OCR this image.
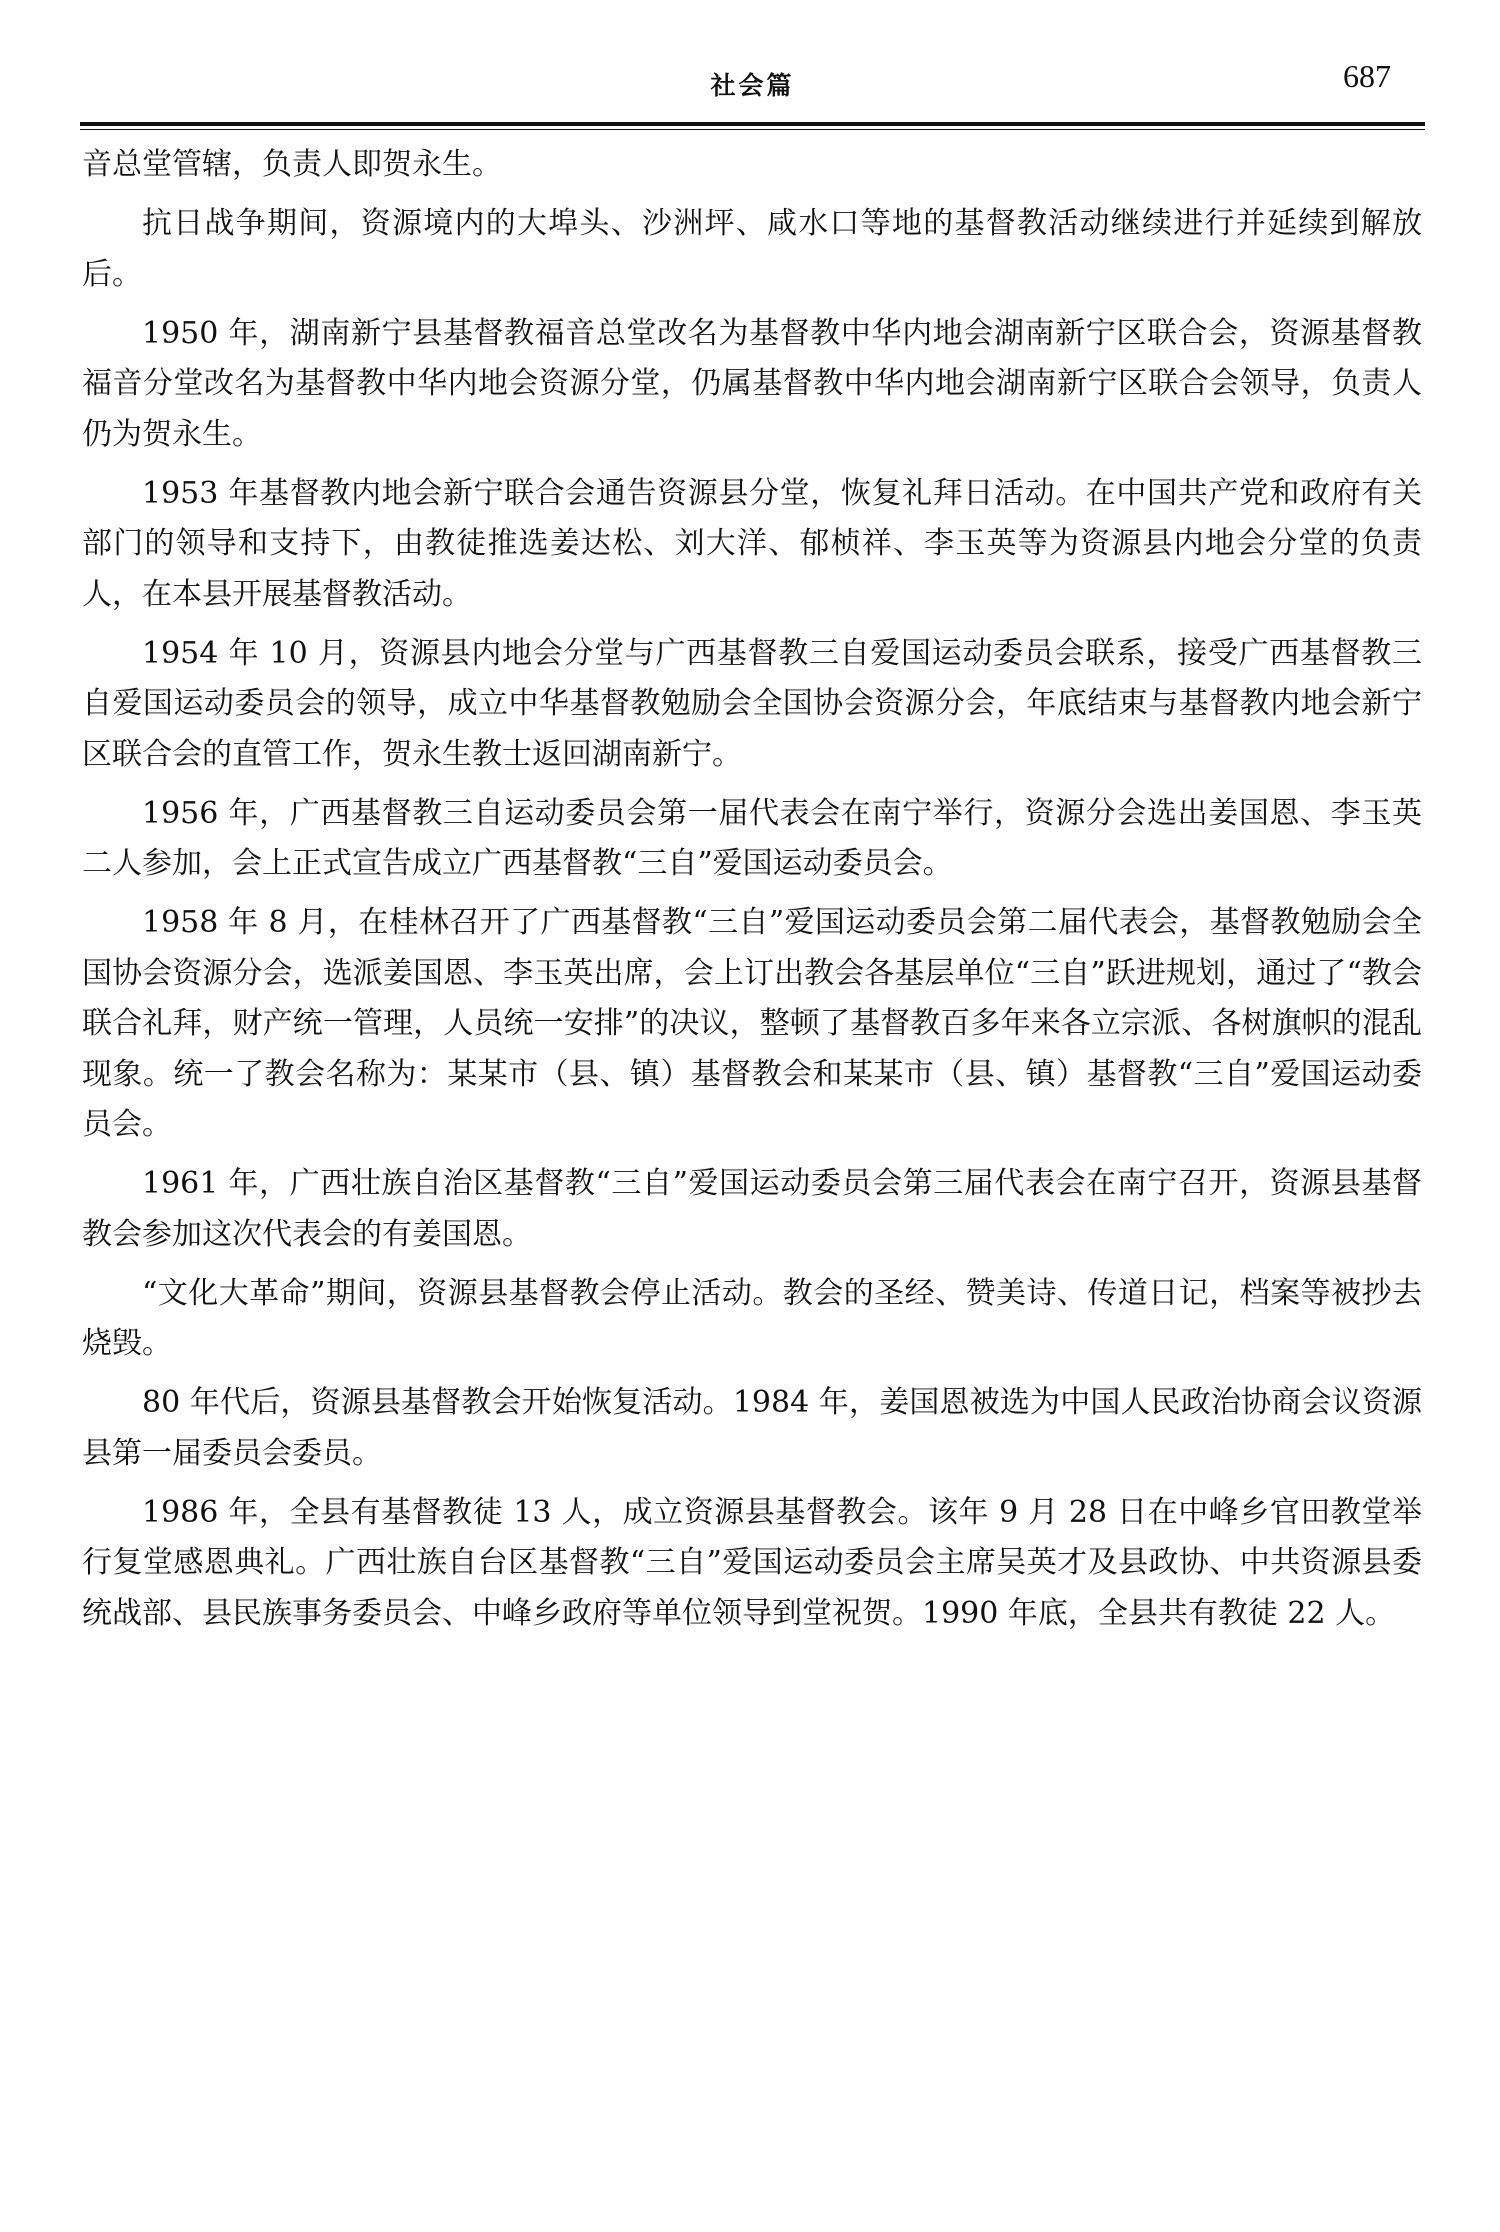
社会篇	687

音总堂管辖，负责人即贺永生。

抗日战争期间，资源境内的大埠头、沙洲坪、咸水口等地的基督教活动继续进行并延续到解放后。

1950 年，湖南新宁县基督教福音总堂改名为基督教中华内地会湖南新宁区联合会，资源基督教福音分堂改名为基督教中华内地会资源分堂，仍属基督教中华内地会湖南新宁区联合会领导，负责人仍为贺永生。

1953 年基督教内地会新宁联合会通告资源县分堂，恢复礼拜日活动。在中国共产党和政府有关部门的领导和支持下，由教徒推选姜达松、刘大洋、郁桢祥、李玉英等为资源县内地会分堂的负责人，在本县开展基督教活动。

1954 年 10 月，资源县内地会分堂与广西基督教三自爱国运动委员会联系，接受广西基督教三自爱国运动委员会的领导，成立中华基督教勉励会全国协会资源分会，年底结束与基督教内地会新宁区联合会的直管工作，贺永生教士返回湖南新宁。

1956 年，广西基督教三自运动委员会第一届代表会在南宁举行，资源分会选出姜国恩、李玉英二人参加，会上正式宣告成立广西基督教“三自”爱国运动委员会。

1958 年 8 月，在桂林召开了广西基督教“三自”爱国运动委员会第二届代表会，基督教勉励会全国协会资源分会，选派姜国恩、李玉英出席，会上订出教会各基层单位“三自”跃进规划，通过了“教会联合礼拜，财产统一管理，人员统一安排”的决议，整顿了基督教百多年来各立宗派、各树旗帜的混乱现象。统一了教会名称为：某某市（县、镇）基督教会和某某市（县、镇）基督教“三自”爱国运动委员会。

1961 年，广西壮族自治区基督教“三自”爱国运动委员会第三届代表会在南宁召开，资源县基督教会参加这次代表会的有姜国恩。

“文化大革命”期间，资源县基督教会停止活动。教会的圣经、赞美诗、传道日记，档案等被抄去烧毁。

80 年代后，资源县基督教会开始恢复活动。1984 年，姜国恩被选为中国人民政治协商会议资源县第一届委员会委员。

1986 年，全县有基督教徒 13 人，成立资源县基督教会。该年 9 月 28 日在中峰乡官田教堂举行复堂感恩典礼。广西壮族自台区基督教“三自”爱国运动委员会主席吴英才及县政协、中共资源县委统战部、县民族事务委员会、中峰乡政府等单位领导到堂祝贺。1990 年底，全县共有教徒 22 人。
